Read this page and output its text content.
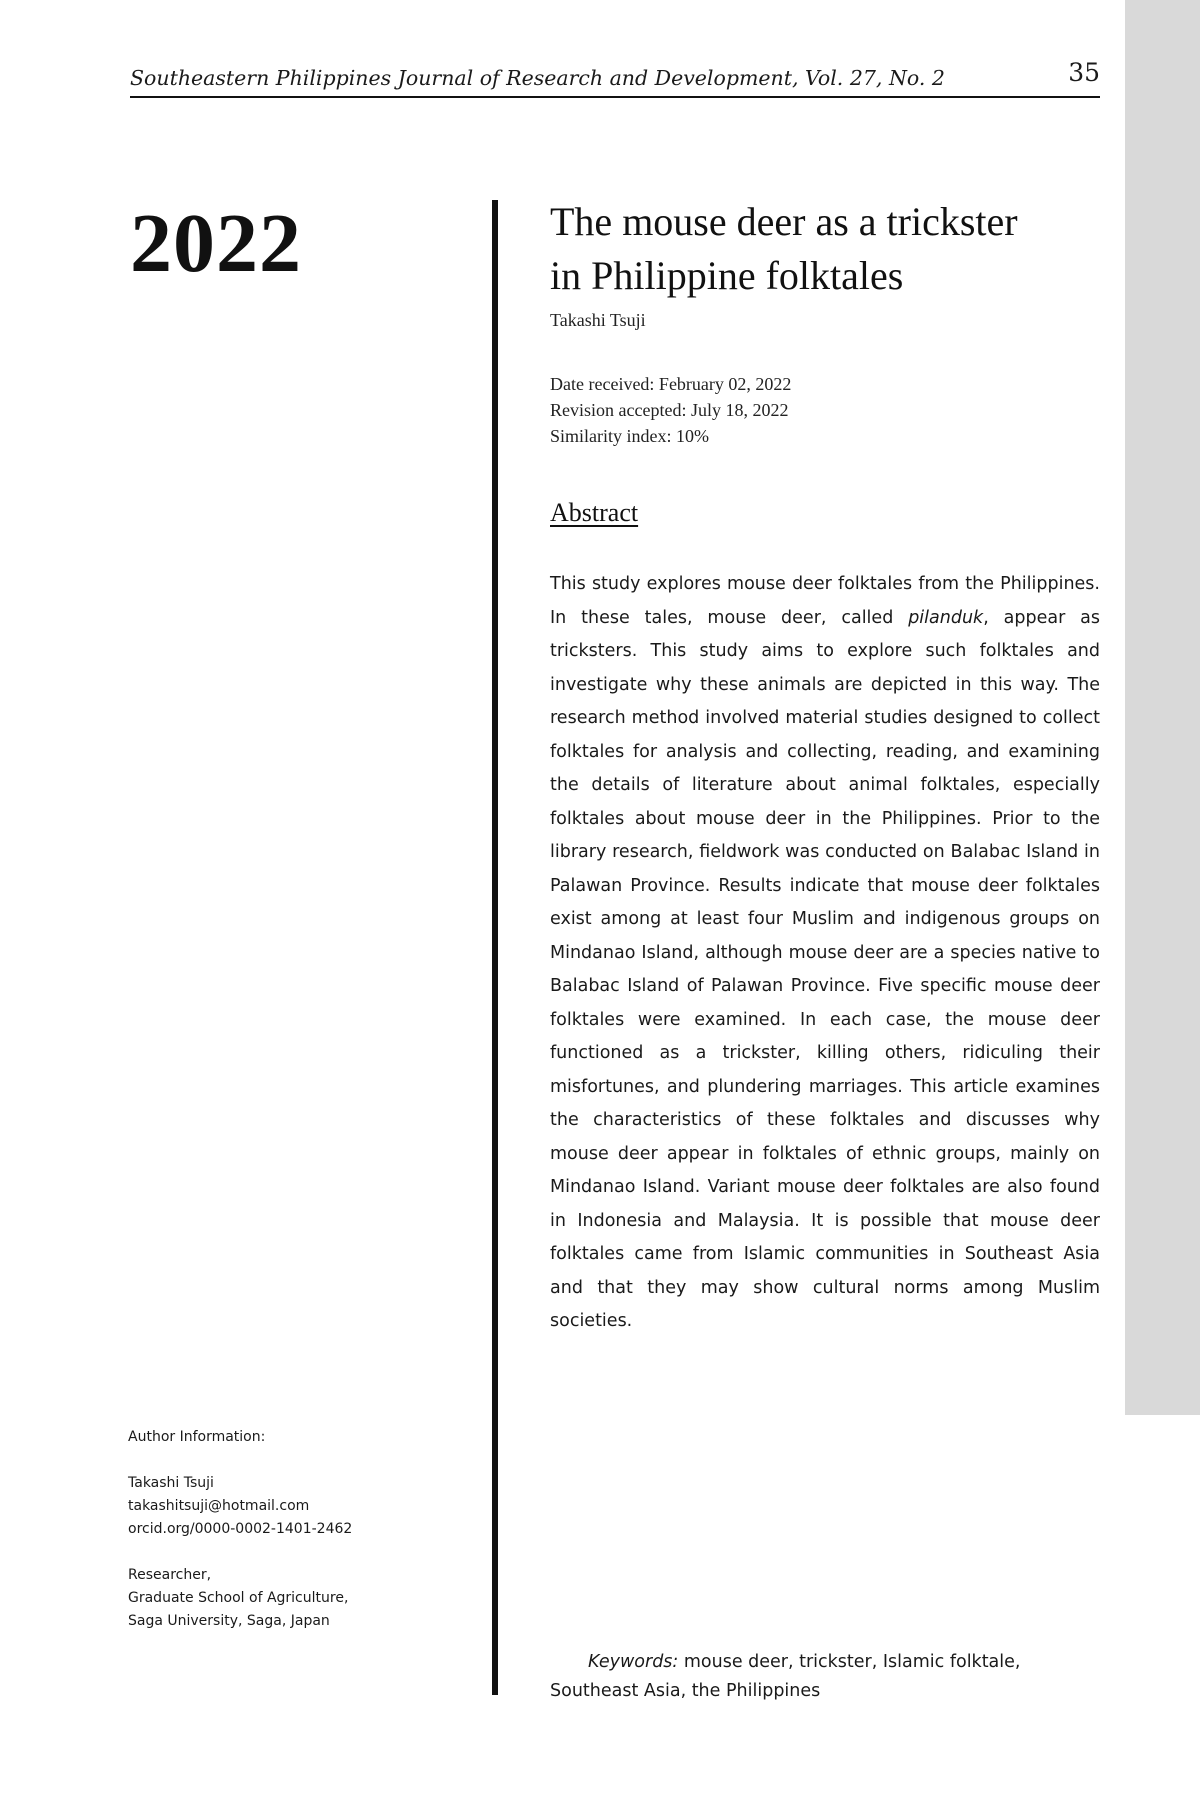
Southeastern Philippines Journal of Research and Development, Vol. 27, No. 2	35
2022	The mouse deer as a trickster
in Philippine folktales
Takashi Tsuji
Date received: February 02, 2022
Revision accepted: July 18, 2022
Similarity index: 10%
Abstract

This study explores mouse deer folktales from the Philippines. In these tales, mouse deer, called pilanduk, appear as tricksters. This study aims to explore such folktales and investigate why these animals are depicted in this way. The research method involved material studies designed to collect folktales for analysis and collecting, reading, and examining the details of literature about animal folktales, especially folktales about mouse deer in the Philippines. Prior to the library research, fieldwork was conducted on Balabac Island in Palawan Province. Results indicate that mouse deer folktales exist among at least four Muslim and indigenous groups on Mindanao Island, although mouse deer are a species native to Balabac Island of Palawan Province. Five specific mouse deer folktales were examined. In each case, the mouse deer functioned as a trickster, killing others, ridiculing their misfortunes, and plundering marriages. This article examines the characteristics of these folktales and discusses why mouse deer appear in folktales of ethnic groups, mainly on Mindanao Island. Variant mouse deer folktales are also found in Indonesia and Malaysia. It is possible that mouse deer folktales came from Islamic communities in Southeast Asia and that they may show cultural norms among Muslim societies.

Author Information:
Takashi Tsuji
takashitsuji@hotmail.com
orcid.org/0000-0002-1401-2462
Researcher,
Graduate School of Agriculture,
Saga University, Saga, Japan
Keywords: mouse deer, trickster, Islamic folktale, Southeast Asia, the Philippines
